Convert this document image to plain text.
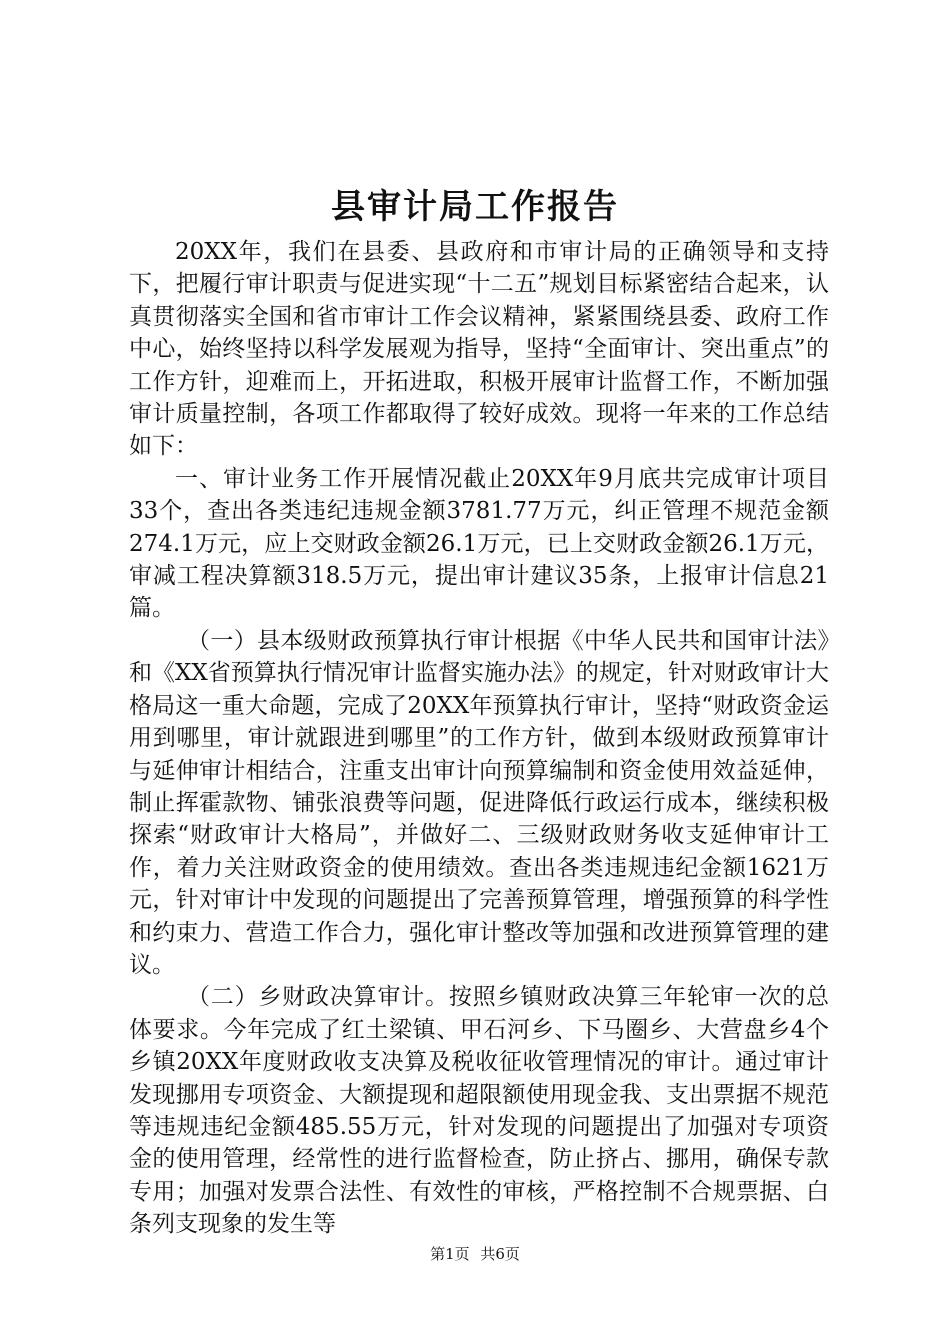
县审计局工作报告

20XX年，我们在县委、县政府和市审计局的正确领导和支持下，把履行审计职责与促进实现“十二五”规划目标紧密结合起来，认真贯彻落实全国和省市审计工作会议精神，紧紧围绕县委、政府工作中心，始终坚持以科学发展观为指导，坚持“全面审计、突出重点”的工作方针，迎难而上，开拓进取，积极开展审计监督工作，不断加强审计质量控制，各项工作都取得了较好成效。现将一年来的工作总结如下：

一、审计业务工作开展情况截止20XX年9月底共完成审计项目33个，查出各类违纪违规金额3781.77万元，纠正管理不规范金额274.1万元，应上交财政金额26.1万元，已上交财政金额26.1万元，审减工程决算额318.5万元，提出审计建议35条，上报审计信息21篇。

（一）县本级财政预算执行审计根据《中华人民共和国审计法》和《XX省预算执行情况审计监督实施办法》的规定，针对财政审计大格局这一重大命题，完成了20XX年预算执行审计，坚持“财政资金运用到哪里，审计就跟进到哪里”的工作方针，做到本级财政预算审计与延伸审计相结合，注重支出审计向预算编制和资金使用效益延伸，制止挥霍款物、铺张浪费等问题，促进降低行政运行成本，继续积极探索“财政审计大格局”，并做好二、三级财政财务收支延伸审计工作，着力关注财政资金的使用绩效。查出各类违规违纪金额1621万元，针对审计中发现的问题提出了完善预算管理，增强预算的科学性和约束力、营造工作合力，强化审计整改等加强和改进预算管理的建议。

（二）乡财政决算审计。按照乡镇财政决算三年轮审一次的总体要求。今年完成了红土梁镇、甲石河乡、下马圈乡、大营盘乡4个乡镇20XX年度财政收支决算及税收征收管理情况的审计。通过审计发现挪用专项资金、大额提现和超限额使用现金我、支出票据不规范等违规违纪金额485.55万元，针对发现的问题提出了加强对专项资金的使用管理，经常性的进行监督检查，防止挤占、挪用，确保专款专用；加强对发票合法性、有效性的审核，严格控制不合规票据、白条列支现象的发生等

第1页 共6页
